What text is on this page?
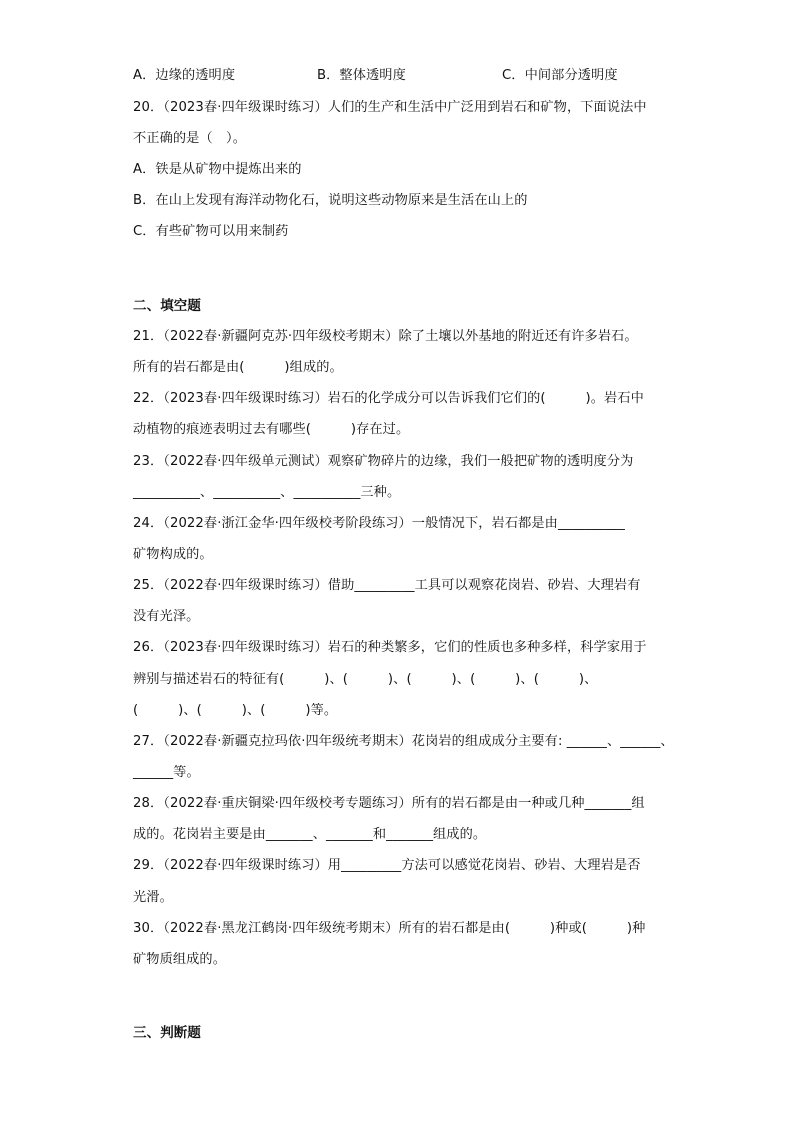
A．边缘的透明度	B．整体透明度	C．中间部分透明度
20．（2023春·四年级课时练习）人们的生产和生活中广泛用到岩石和矿物，下面说法中
不正确的是（　）。
A．铁是从矿物中提炼出来的
B．在山上发现有海洋动物化石，说明这些动物原来是生活在山上的
C．有些矿物可以用来制药
二、填空题
21．（2022春·新疆阿克苏·四年级校考期末）除了土壤以外基地的附近还有许多岩石。
所有的岩石都是由(　　　)组成的。
22．（2023春·四年级课时练习）岩石的化学成分可以告诉我们它们的(　　　)。岩石中
动植物的痕迹表明过去有哪些(　　　)存在过。
23．（2022春·四年级单元测试）观察矿物碎片的边缘，我们一般把矿物的透明度分为
__________、__________、__________三种。
24．（2022春·浙江金华·四年级校考阶段练习）一般情况下，岩石都是由__________
矿物构成的。
25．（2022春·四年级课时练习）借助_________工具可以观察花岗岩、砂岩、大理岩有
没有光泽。
26．（2023春·四年级课时练习）岩石的种类繁多，它们的性质也多种多样，科学家用于
辨别与描述岩石的特征有(　　　)、(　　　)、(　　　)、(　　　)、(　　　)、
(　　　)、(　　　)、(　　　)等。
27．（2022春·新疆克拉玛依·四年级统考期末）花岗岩的组成成分主要有: ______、______、
______等。
28．（2022春·重庆铜梁·四年级校考专题练习）所有的岩石都是由一种或几种_______组
成的。花岗岩主要是由_______、_______和_______组成的。
29．（2022春·四年级课时练习）用_________方法可以感觉花岗岩、砂岩、大理岩是否
光滑。
30．（2022春·黑龙江鹤岗·四年级统考期末）所有的岩石都是由(　　　)种或(　　　)种
矿物质组成的。
三、判断题
